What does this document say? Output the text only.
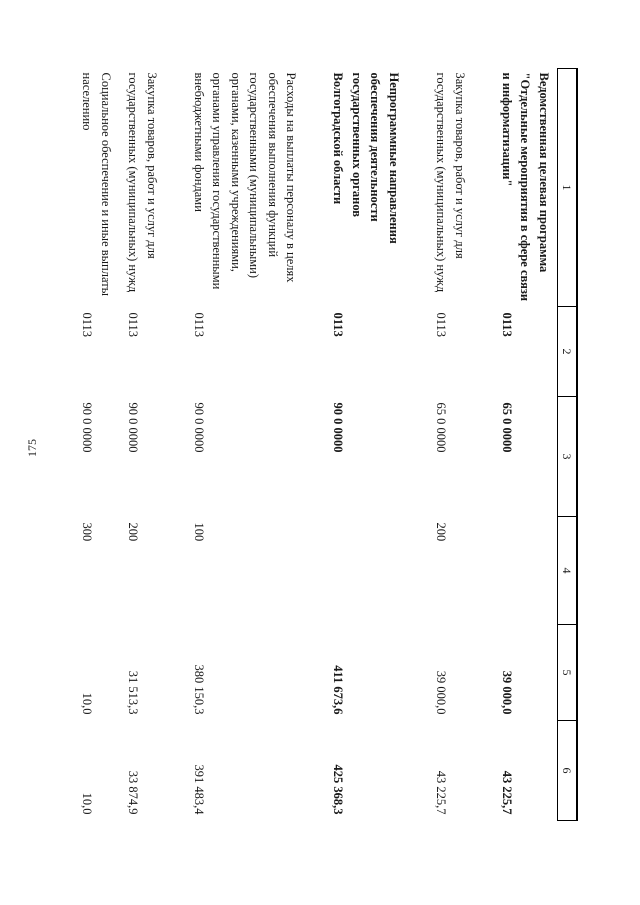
175
1	2	3	4	5	6
Ведомственная целевая программа "Отдельные мероприятия в сфере связи и информатизации"	0113	65 0 0000		39 000,0	43 225,7
Закупка товаров, работ и услуг для государственных (муниципальных) нужд	0113	65 0 0000	200	39 000,0	43 225,7
Непрограммные направления обеспечения деятельности государственных органов Волгоградской области	0113	90 0 0000		411 673,6	425 368,3
Расходы на выплаты персоналу в целях обеспечения выполнения функций государственными (муниципальными) органами, казенными учреждениями, органами управления государственными внебюджетными фондами	0113	90 0 0000	100	380 150,3	391 483,4
Закупка товаров, работ и услуг для государственных (муниципальных) нужд	0113	90 0 0000	200	31 513,3	33 874,9
Социальное обеспечение и иные выплаты населению	0113	90 0 0000	300	10,0	10,0
